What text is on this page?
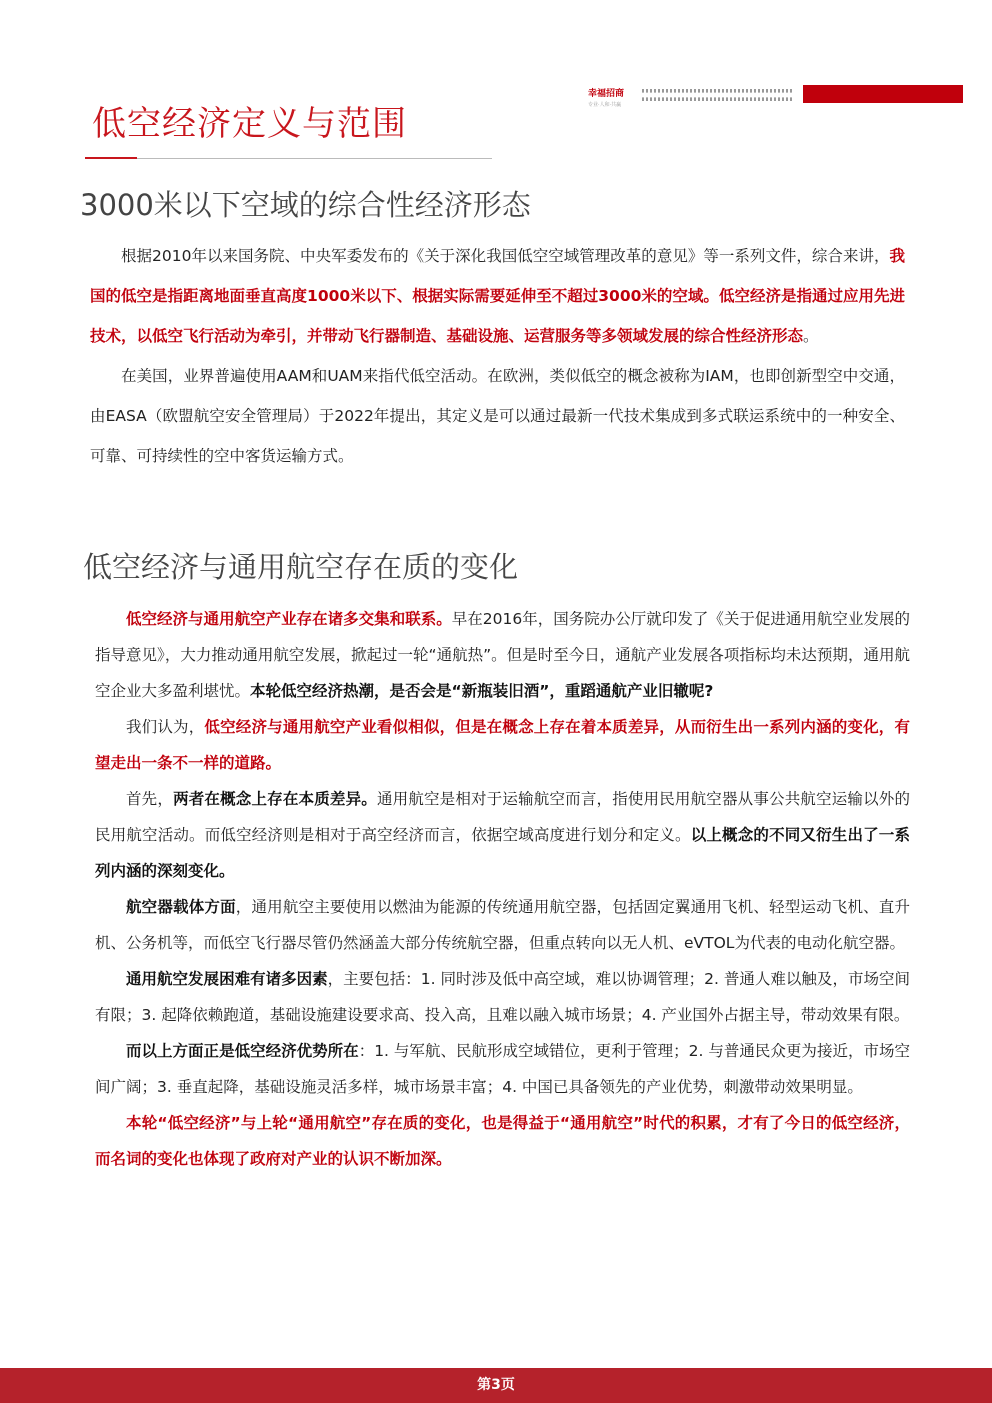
幸福招商
专业·人和·共赢
低空经济定义与范围
3000米以下空域的综合性经济形态

根据2010年以来国务院、中央军委发布的《关于深化我国低空空域管理改革的意见》等一系列文件，综合来讲，我国的低空是指距离地面垂直高度1000米以下、根据实际需要延伸至不超过3000米的空域。低空经济是指通过应用先进技术，以低空飞行活动为牵引，并带动飞行器制造、基础设施、运营服务等多领域发展的综合性经济形态。

在美国，业界普遍使用AAM和UAM来指代低空活动。在欧洲，类似低空的概念被称为IAM，也即创新型空中交通，由EASA（欧盟航空安全管理局）于2022年提出，其定义是可以通过最新一代技术集成到多式联运系统中的一种安全、可靠、可持续性的空中客货运输方式。

低空经济与通用航空存在质的变化

低空经济与通用航空产业存在诸多交集和联系。早在2016年，国务院办公厅就印发了《关于促进通用航空业发展的指导意见》，大力推动通用航空发展，掀起过一轮“通航热”。但是时至今日，通航产业发展各项指标均未达预期，通用航空企业大多盈利堪忧。本轮低空经济热潮，是否会是“新瓶装旧酒”，重蹈通航产业旧辙呢?

我们认为，低空经济与通用航空产业看似相似，但是在概念上存在着本质差异，从而衍生出一系列内涵的变化，有望走出一条不一样的道路。

首先，两者在概念上存在本质差异。通用航空是相对于运输航空而言，指使用民用航空器从事公共航空运输以外的民用航空活动。而低空经济则是相对于高空经济而言，依据空域高度进行划分和定义。以上概念的不同又衍生出了一系列内涵的深刻变化。

航空器载体方面，通用航空主要使用以燃油为能源的传统通用航空器，包括固定翼通用飞机、轻型运动飞机、直升机、公务机等，而低空飞行器尽管仍然涵盖大部分传统航空器，但重点转向以无人机、eVTOL为代表的电动化航空器。

通用航空发展困难有诸多因素，主要包括：1. 同时涉及低中高空域，难以协调管理；2. 普通人难以触及，市场空间有限；3. 起降依赖跑道，基础设施建设要求高、投入高，且难以融入城市场景；4. 产业国外占据主导，带动效果有限。

而以上方面正是低空经济优势所在：1. 与军航、民航形成空域错位，更利于管理；2. 与普通民众更为接近，市场空间广阔；3. 垂直起降，基础设施灵活多样，城市场景丰富；4. 中国已具备领先的产业优势，刺激带动效果明显。

本轮“低空经济”与上轮“通用航空”存在质的变化，也是得益于“通用航空”时代的积累，才有了今日的低空经济，而名词的变化也体现了政府对产业的认识不断加深。

第3页
